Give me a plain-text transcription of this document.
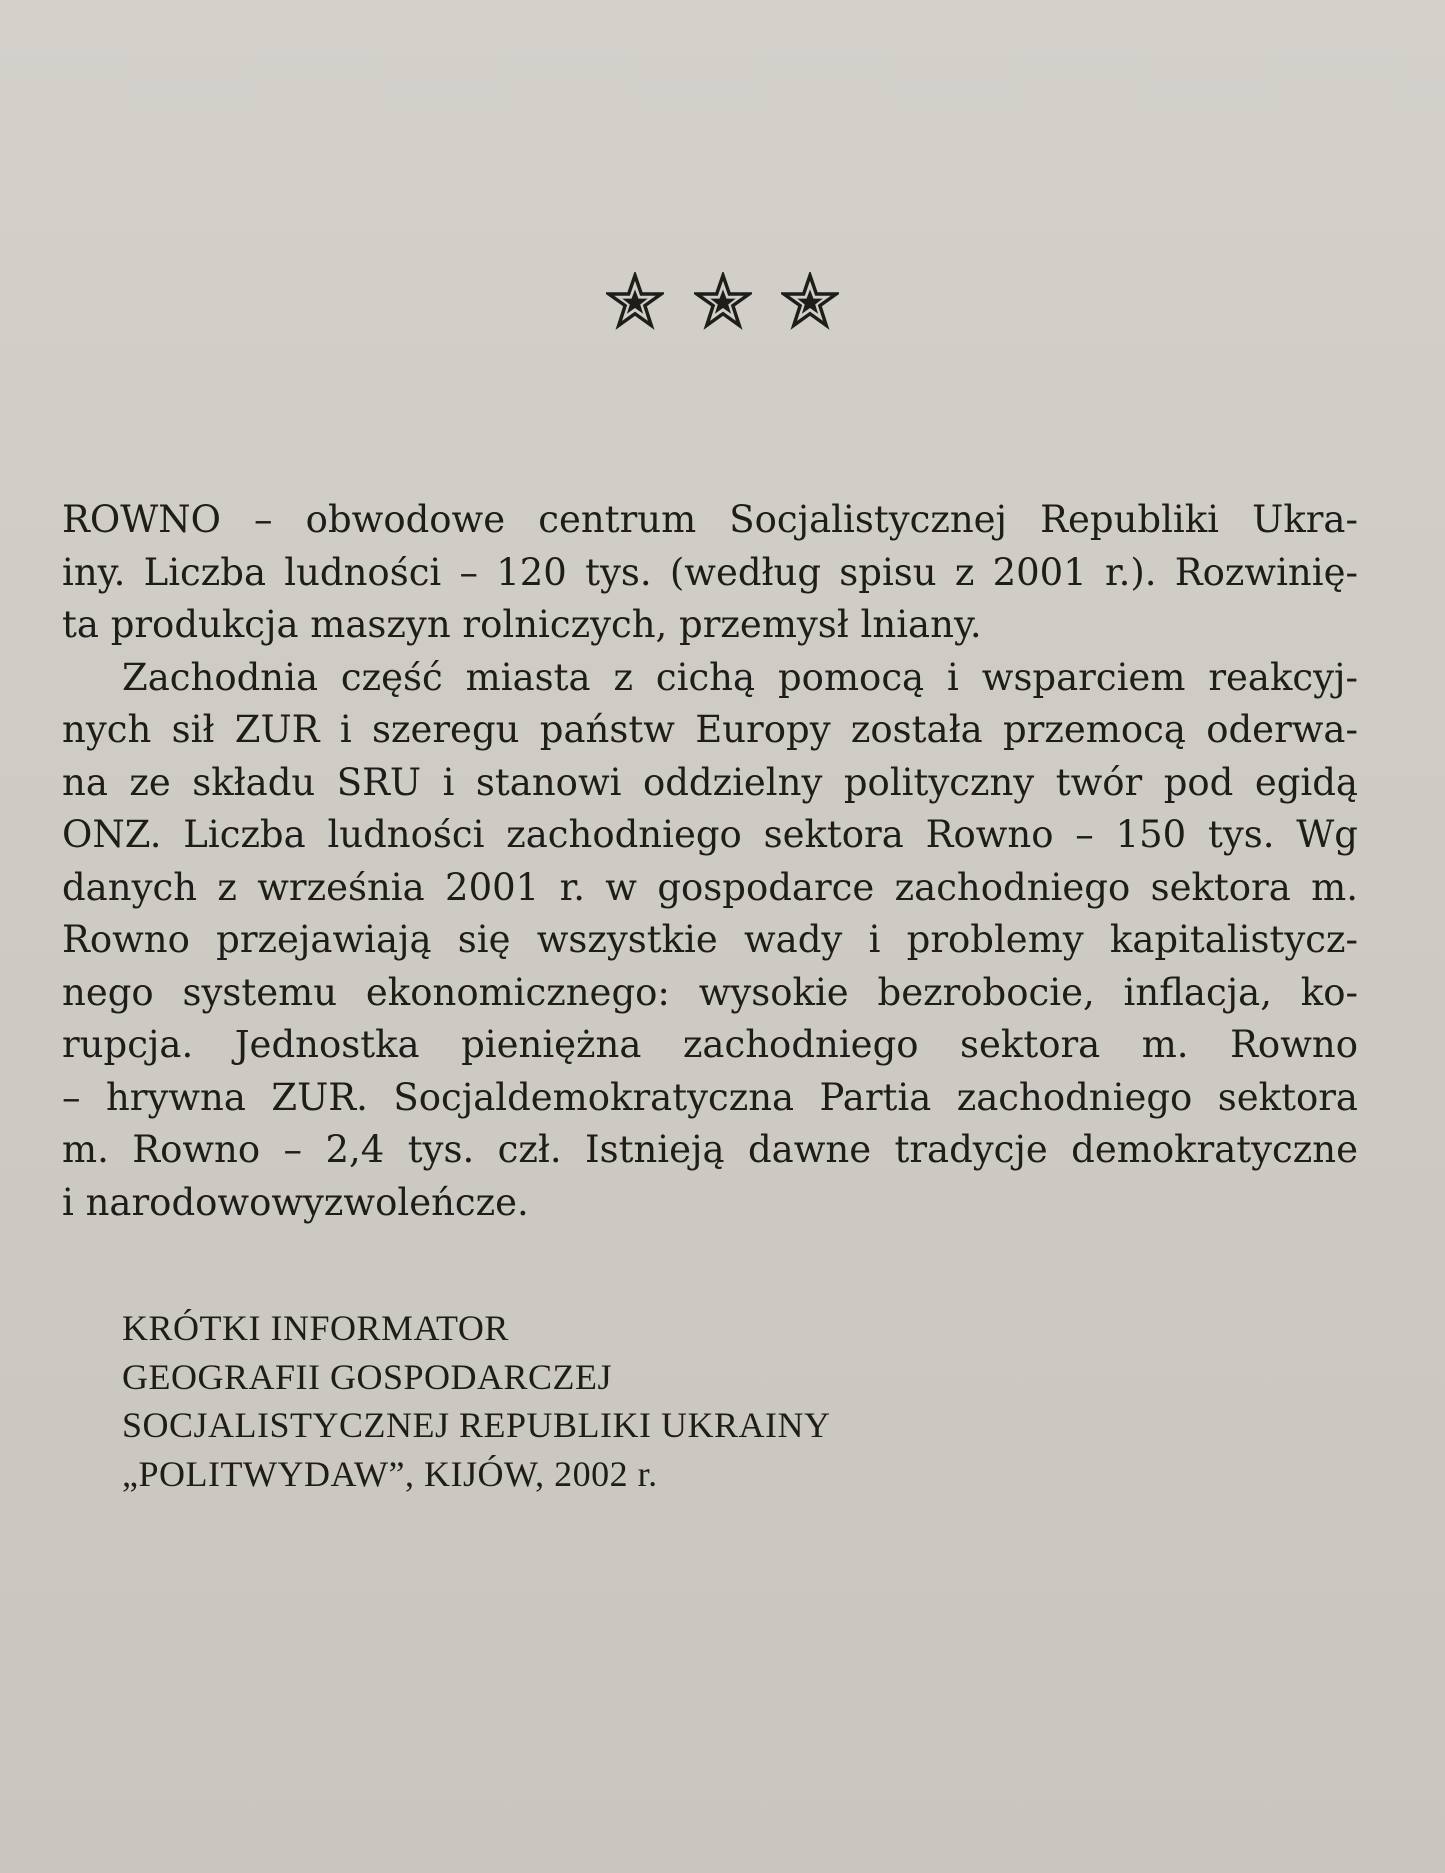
ROWNO – obwodowe centrum Socjalistycznej Republiki Ukra-
iny. Liczba ludności – 120 tys. (według spisu z 2001 r.). Rozwinię-
ta produkcja maszyn rolniczych, przemysł lniany.
Zachodnia część miasta z cichą pomocą i wsparciem reakcyj-
nych sił ZUR i szeregu państw Europy została przemocą oderwa-
na ze składu SRU i stanowi oddzielny polityczny twór pod egidą
ONZ. Liczba ludności zachodniego sektora Rowno – 150 tys. Wg
danych z września 2001 r. w gospodarce zachodniego sektora m.
Rowno przejawiają się wszystkie wady i problemy kapitalistycz-
nego systemu ekonomicznego: wysokie bezrobocie, inflacja, ko-
rupcja. Jednostka pieniężna zachodniego sektora m. Rowno
– hrywna ZUR. Socjaldemokratyczna Partia zachodniego sektora
m. Rowno – 2,4 tys. czł. Istnieją dawne tradycje demokratyczne
i narodowowyzwoleńcze.
KRÓTKI INFORMATOR
GEOGRAFII GOSPODARCZEJ
SOCJALISTYCZNEJ REPUBLIKI UKRAINY
„POLITWYDAW”, KIJÓW, 2002 r.
